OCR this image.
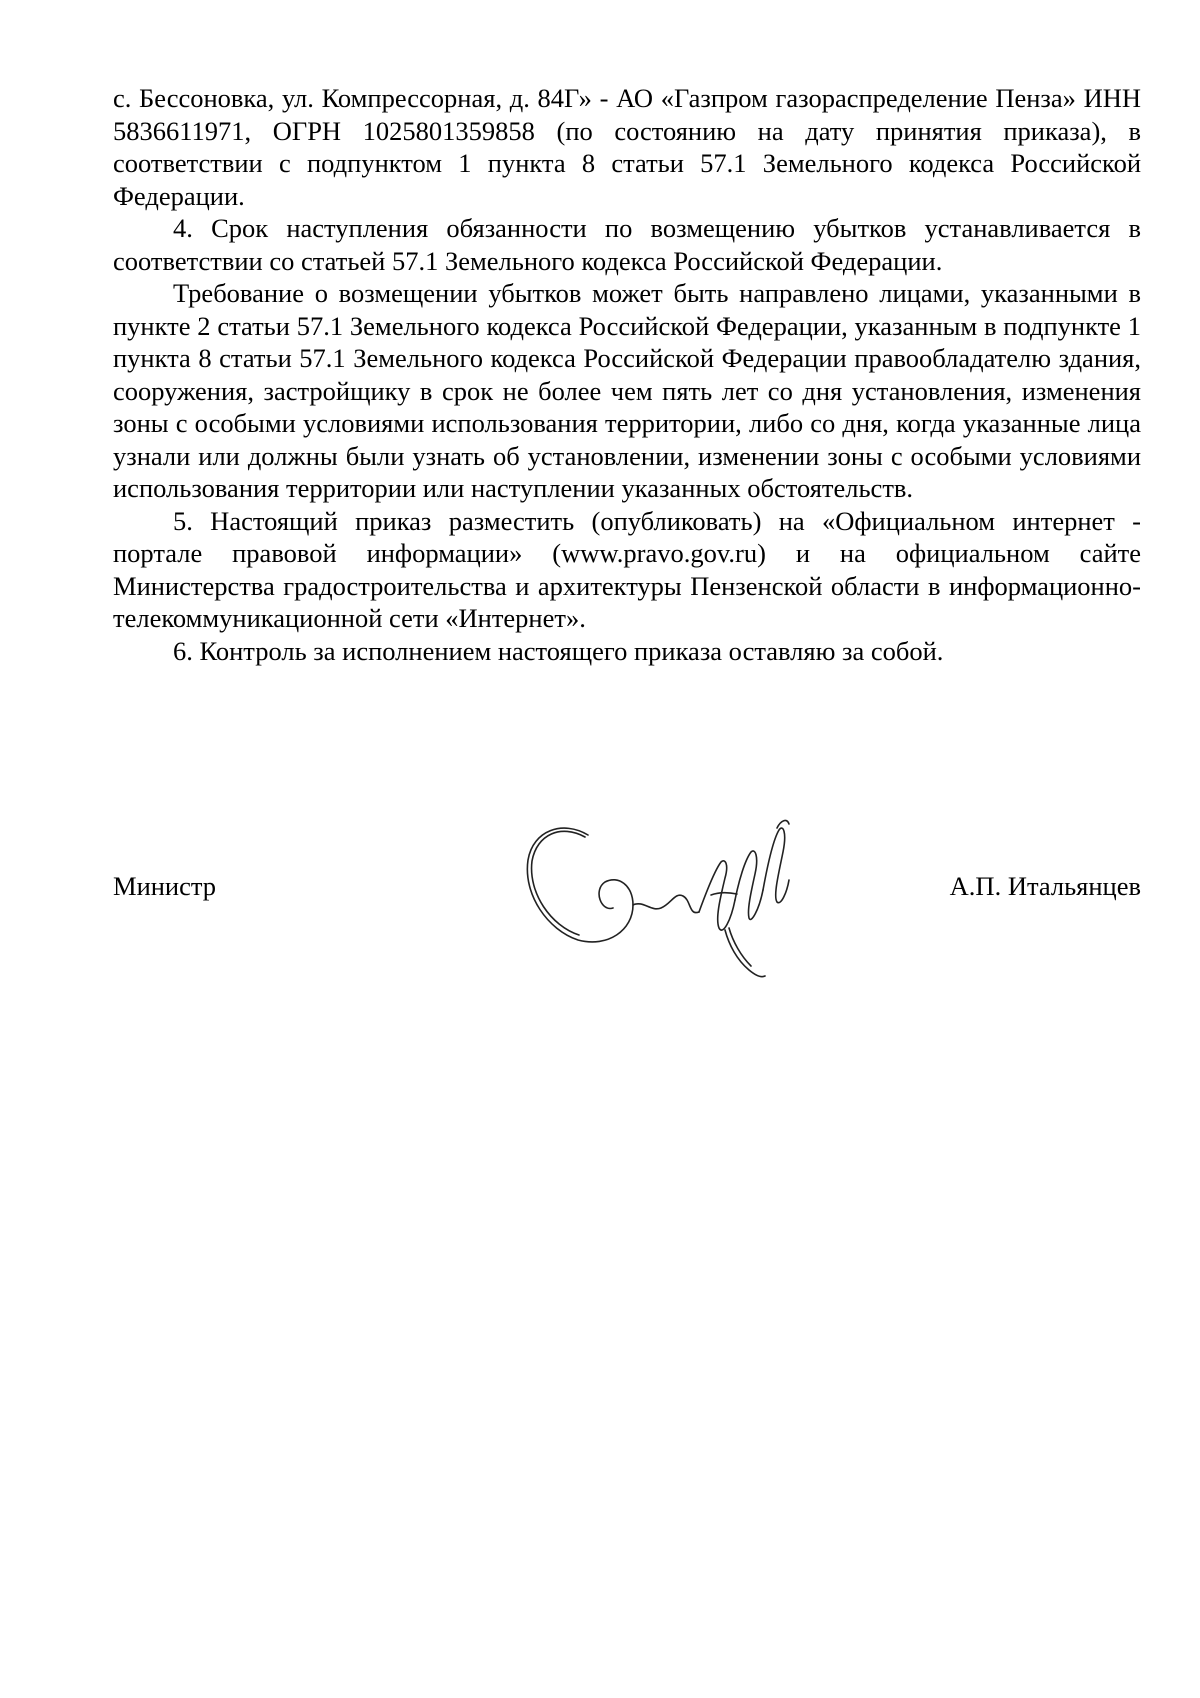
с. Бессоновка, ул. Компрессорная, д. 84Г» - АО «Газпром газораспределение Пенза» ИНН 5836611971, ОГРН 1025801359858 (по состоянию на дату принятия приказа), в соответствии с подпунктом 1 пункта 8 статьи 57.1 Земельного кодекса Российской Федерации.

4. Срок наступления обязанности по возмещению убытков устанавливается в соответствии со статьей 57.1 Земельного кодекса Российской Федерации.

Требование о возмещении убытков может быть направлено лицами, указанными в пункте 2 статьи 57.1 Земельного кодекса Российской Федерации, указанным в подпункте 1 пункта 8 статьи 57.1 Земельного кодекса Российской Федерации правообладателю здания, сооружения, застройщику в срок не более чем пять лет со дня установления, изменения зоны с особыми условиями использования территории, либо со дня, когда указанные лица узнали или должны были узнать об установлении, изменении зоны с особыми условиями использования территории или наступлении указанных обстоятельств.

5. Настоящий приказ разместить (опубликовать) на «Официальном интернет - портале правовой информации» (www.pravo.gov.ru) и на официальном сайте Министерства градостроительства и архитектуры Пензенской области в информационно-телекоммуникационной сети «Интернет».

6. Контроль за исполнением настоящего приказа оставляю за собой.

Министр	А.П. Итальянцев
